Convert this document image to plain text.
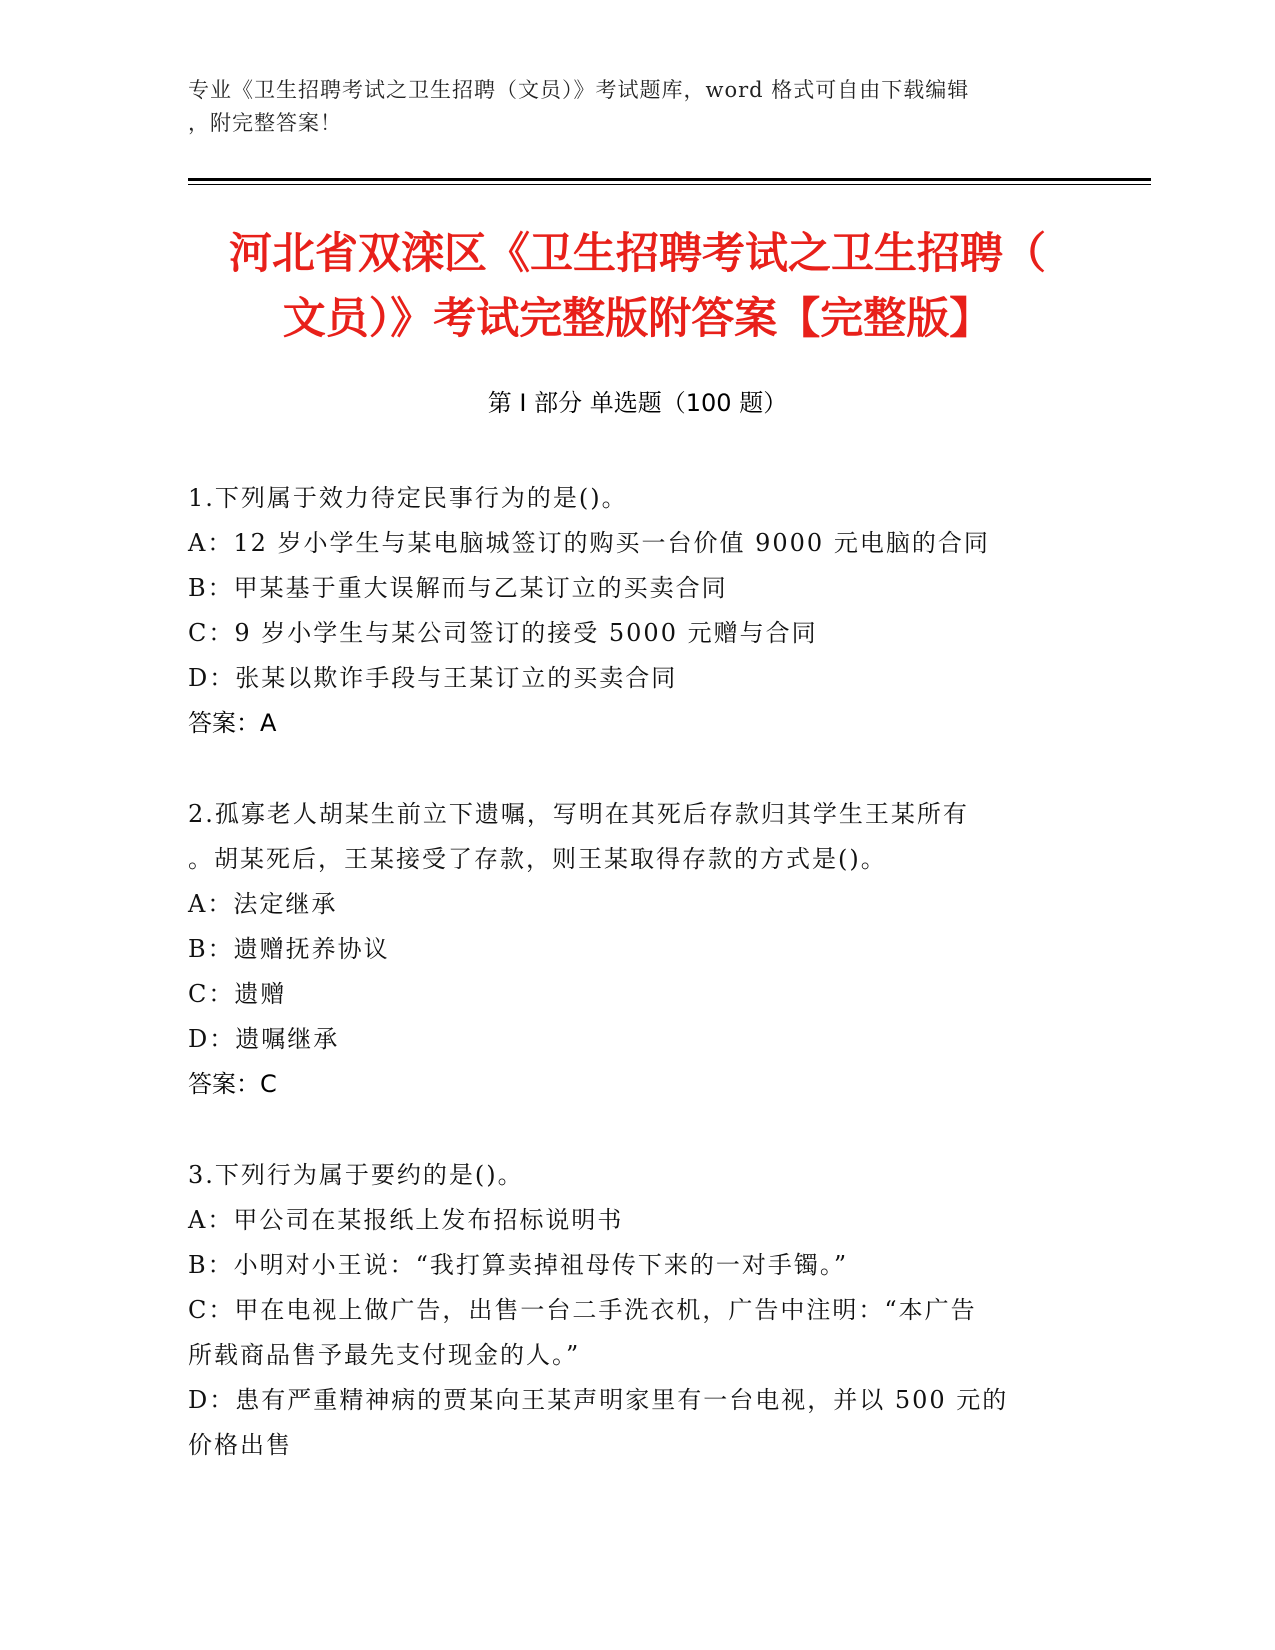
专业《卫生招聘考试之卫生招聘（文员）》考试题库，word 格式可自由下载编辑
，附完整答案！
河北省双滦区《卫生招聘考试之卫生招聘（
文员）》考试完整版附答案【完整版】
第 I 部分 单选题（100 题）
1.下列属于效力待定民事行为的是()。
A：12 岁小学生与某电脑城签订的购买一台价值 9000 元电脑的合同
B：甲某基于重大误解而与乙某订立的买卖合同
C：9 岁小学生与某公司签订的接受 5000 元赠与合同
D：张某以欺诈手段与王某订立的买卖合同
答案：A
2.孤寡老人胡某生前立下遗嘱，写明在其死后存款归其学生王某所有
。胡某死后，王某接受了存款，则王某取得存款的方式是()。
A：法定继承
B：遗赠抚养协议
C：遗赠
D：遗嘱继承
答案：C
3.下列行为属于要约的是()。
A：甲公司在某报纸上发布招标说明书
B：小明对小王说：“我打算卖掉祖母传下来的一对手镯。”
C：甲在电视上做广告，出售一台二手洗衣机，广告中注明：“本广告
所载商品售予最先支付现金的人。”
D：患有严重精神病的贾某向王某声明家里有一台电视，并以 500 元的
价格出售
